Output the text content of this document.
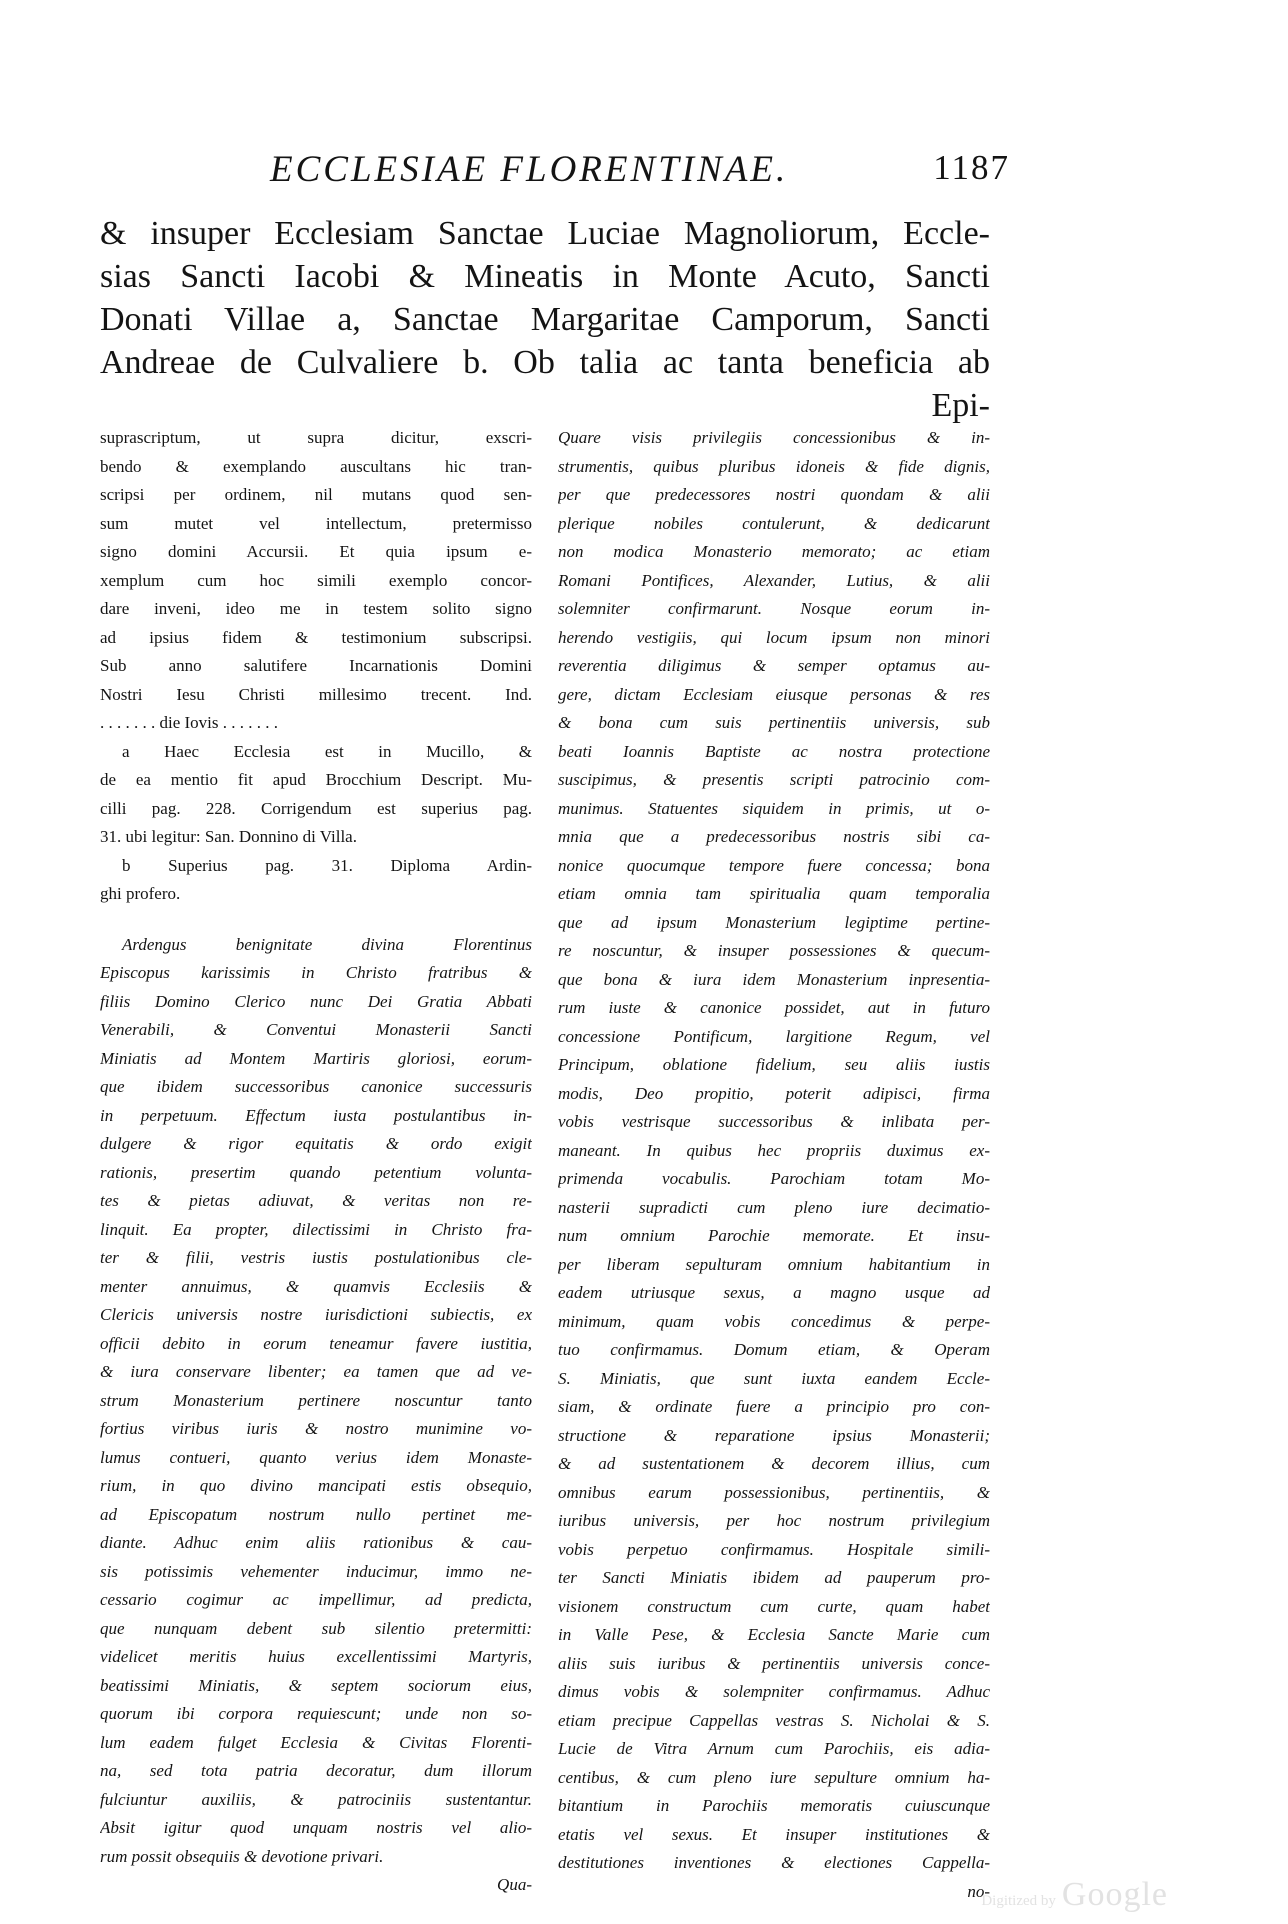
ECCLESIAE FLORENTINAE.	1187
& insuper Ecclesiam Sanctae Luciae Magnoliorum, Eccle-
sias Sancti Iacobi & Mineatis in Monte Acuto, Sancti
Donati Villae a, Sanctae Margaritae Camporum, Sancti
Andreae de Culvaliere b. Ob talia ac tanta beneficia ab
Epi-
suprascriptum, ut supra dicitur, exscri-
bendo & exemplando auscultans hic tran-
scripsi per ordinem, nil mutans quod sen-
sum mutet vel intellectum, pretermisso
signo domini Accursii. Et quia ipsum e-
xemplum cum hoc simili exemplo concor-
dare inveni, ideo me in testem solito signo
ad ipsius fidem & testimonium subscripsi.
Sub anno salutifere Incarnationis Domini
Nostri Iesu Christi millesimo trecent. Ind.
. . . . . . . die Iovis . . . . . . .
a Haec Ecclesia est in Mucillo, &
de ea mentio fit apud Brocchium Descript. Mu-
cilli pag. 228. Corrigendum est superius pag.
31. ubi legitur: San. Donnino di Villa.
b Superius pag. 31. Diploma Ardin-
ghi profero.
Ardengus benignitate divina Florentinus
Episcopus karissimis in Christo fratribus &
filiis Domino Clerico nunc Dei Gratia Abbati
Venerabili, & Conventui Monasterii Sancti
Miniatis ad Montem Martiris gloriosi, eorum-
que ibidem successoribus canonice successuris
in perpetuum. Effectum iusta postulantibus in-
dulgere & rigor equitatis & ordo exigit
rationis, presertim quando petentium volunta-
tes & pietas adiuvat, & veritas non re-
linquit. Ea propter, dilectissimi in Christo fra-
ter & filii, vestris iustis postulationibus cle-
menter annuimus, & quamvis Ecclesiis &
Clericis universis nostre iurisdictioni subiectis, ex
officii debito in eorum teneamur favere iustitia,
& iura conservare libenter; ea tamen que ad ve-
strum Monasterium pertinere noscuntur tanto
fortius viribus iuris & nostro munimine vo-
lumus contueri, quanto verius idem Monaste-
rium, in quo divino mancipati estis obsequio,
ad Episcopatum nostrum nullo pertinet me-
diante. Adhuc enim aliis rationibus & cau-
sis potissimis vehementer inducimur, immo ne-
cessario cogimur ac impellimur, ad predicta,
que nunquam debent sub silentio pretermitti:
videlicet meritis huius excellentissimi Martyris,
beatissimi Miniatis, & septem sociorum eius,
quorum ibi corpora requiescunt; unde non so-
lum eadem fulget Ecclesia & Civitas Florenti-
na, sed tota patria decoratur, dum illorum
fulciuntur auxiliis, & patrociniis sustentantur.
Absit igitur quod unquam nostris vel alio-
rum possit obsequiis & devotione privari.
Qua-
Quare visis privilegiis concessionibus & in-
strumentis, quibus pluribus idoneis & fide dignis,
per que predecessores nostri quondam & alii
plerique nobiles contulerunt, & dedicarunt
non modica Monasterio memorato; ac etiam
Romani Pontifices, Alexander, Lutius, & alii
solemniter confirmarunt. Nosque eorum in-
herendo vestigiis, qui locum ipsum non minori
reverentia diligimus & semper optamus au-
gere, dictam Ecclesiam eiusque personas & res
& bona cum suis pertinentiis universis, sub
beati Ioannis Baptiste ac nostra protectione
suscipimus, & presentis scripti patrocinio com-
munimus. Statuentes siquidem in primis, ut o-
mnia que a predecessoribus nostris sibi ca-
nonice quocumque tempore fuere concessa; bona
etiam omnia tam spiritualia quam temporalia
que ad ipsum Monasterium legiptime pertine-
re noscuntur, & insuper possessiones & quecum-
que bona & iura idem Monasterium inpresentia-
rum iuste & canonice possidet, aut in futuro
concessione Pontificum, largitione Regum, vel
Principum, oblatione fidelium, seu aliis iustis
modis, Deo propitio, poterit adipisci, firma
vobis vestrisque successoribus & inlibata per-
maneant. In quibus hec propriis duximus ex-
primenda vocabulis. Parochiam totam Mo-
nasterii supradicti cum pleno iure decimatio-
num omnium Parochie memorate. Et insu-
per liberam sepulturam omnium habitantium in
eadem utriusque sexus, a magno usque ad
minimum, quam vobis concedimus & perpe-
tuo confirmamus. Domum etiam, & Operam
S. Miniatis, que sunt iuxta eandem Eccle-
siam, & ordinate fuere a principio pro con-
structione & reparatione ipsius Monasterii;
& ad sustentationem & decorem illius, cum
omnibus earum possessionibus, pertinentiis, &
iuribus universis, per hoc nostrum privilegium
vobis perpetuo confirmamus. Hospitale simili-
ter Sancti Miniatis ibidem ad pauperum pro-
visionem constructum cum curte, quam habet
in Valle Pese, & Ecclesia Sancte Marie cum
aliis suis iuribus & pertinentiis universis conce-
dimus vobis & solempniter confirmamus. Adhuc
etiam precipue Cappellas vestras S. Nicholai & S.
Lucie de Vitra Arnum cum Parochiis, eis adia-
centibus, & cum pleno iure sepulture omnium ha-
bitantium in Parochiis memoratis cuiuscunque
etatis vel sexus. Et insuper institutiones &
destitutiones inventiones & electiones Cappella-
no-
Digitized by Google
